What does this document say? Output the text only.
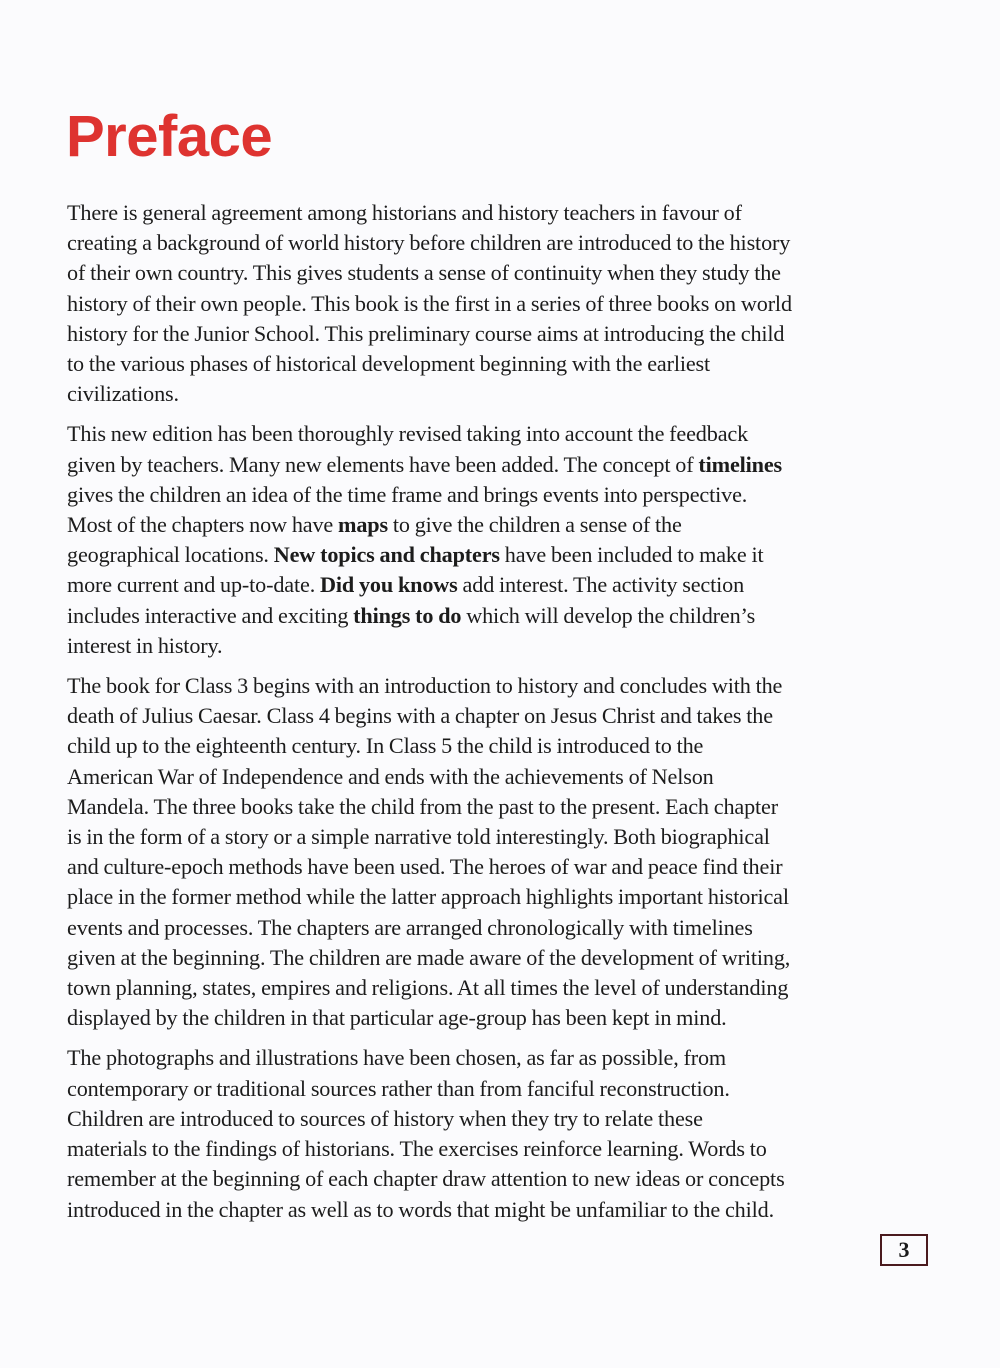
Preface

There is general agreement among historians and history teachers in favour of
creating a background of world history before children are introduced to the history
of their own country. This gives students a sense of continuity when they study the
history of their own people. This book is the first in a series of three books on world
history for the Junior School. This preliminary course aims at introducing the child
to the various phases of historical development beginning with the earliest
civilizations.

This new edition has been thoroughly revised taking into account the feedback
given by teachers. Many new elements have been added. The concept of timelines
gives the children an idea of the time frame and brings events into perspective.
Most of the chapters now have maps to give the children a sense of the
geographical locations. New topics and chapters have been included to make it
more current and up-to-date. Did you knows add interest. The activity section
includes interactive and exciting things to do which will develop the children’s
interest in history.

The book for Class 3 begins with an introduction to history and concludes with the
death of Julius Caesar. Class 4 begins with a chapter on Jesus Christ and takes the
child up to the eighteenth century. In Class 5 the child is introduced to the
American War of Independence and ends with the achievements of Nelson
Mandela. The three books take the child from the past to the present. Each chapter
is in the form of a story or a simple narrative told interestingly. Both biographical
and culture-epoch methods have been used. The heroes of war and peace find their
place in the former method while the latter approach highlights important historical
events and processes. The chapters are arranged chronologically with timelines
given at the beginning. The children are made aware of the development of writing,
town planning, states, empires and religions. At all times the level of understanding
displayed by the children in that particular age-group has been kept in mind.

The photographs and illustrations have been chosen, as far as possible, from
contemporary or traditional sources rather than from fanciful reconstruction.
Children are introduced to sources of history when they try to relate these
materials to the findings of historians. The exercises reinforce learning. Words to
remember at the beginning of each chapter draw attention to new ideas or concepts
introduced in the chapter as well as to words that might be unfamiliar to the child.

3
